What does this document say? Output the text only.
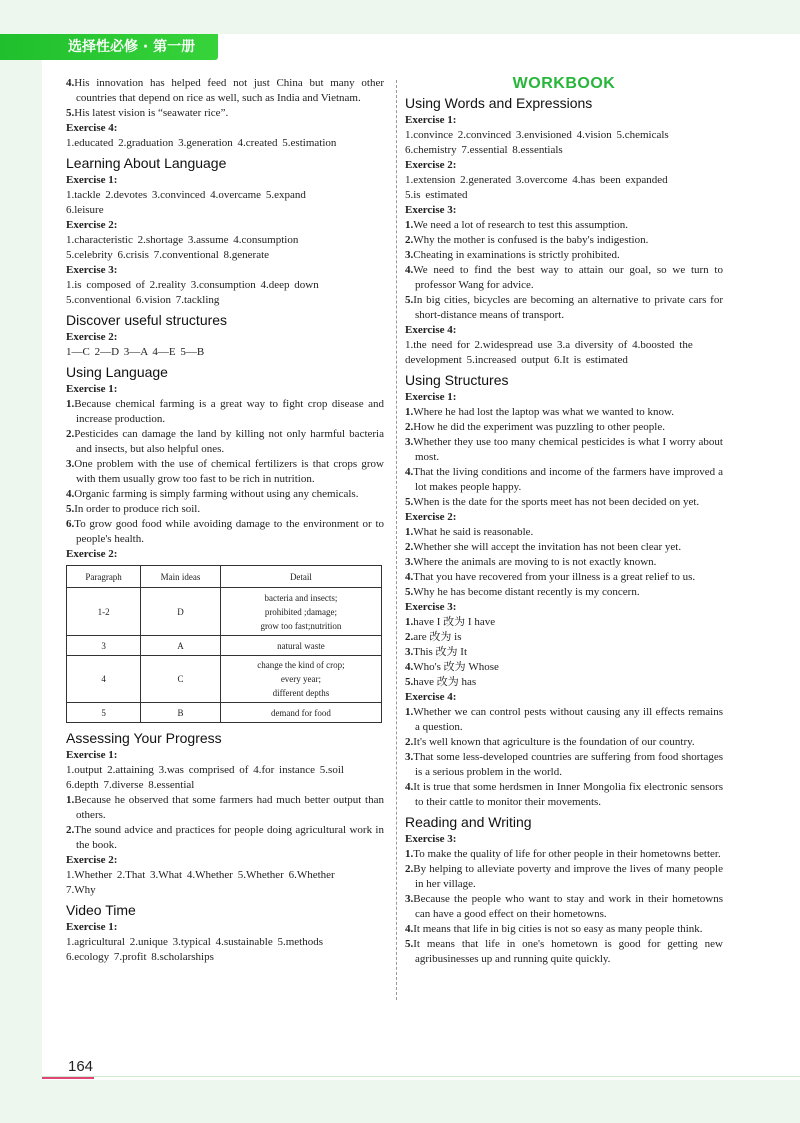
选择性必修 · 第一册
164

4.His innovation has helped feed not just China but many other countries that depend on rice as well, such as India and Vietnam.

5.His latest vision is “seawater rice”.

Exercise 4:

1.educated 2.graduation 3.generation 4.created 5.estimation

Learning About Language

Exercise 1:

1.tackle 2.devotes 3.convinced 4.overcame 5.expand

6.leisure

Exercise 2:

1.characteristic 2.shortage 3.assume 4.consumption

5.celebrity 6.crisis 7.conventional 8.generate

Exercise 3:

1.is composed of 2.reality 3.consumption 4.deep down

5.conventional 6.vision 7.tackling

Discover useful structures

Exercise 2:

1—C 2—D 3—A 4—E 5—B

Using Language

Exercise 1:

1.Because chemical farming is a great way to fight crop disease and increase production.

2.Pesticides can damage the land by killing not only harmful bacteria and insects, but also helpful ones.

3.One problem with the use of chemical fertilizers is that crops grow with them usually grow too fast to be rich in nutrition.

4.Organic farming is simply farming without using any chemicals.

5.In order to produce rich soil.

6.To grow good food while avoiding damage to the environment or to people's health.

Exercise 2:

Paragraph	Main ideas	Detail
1-2	D	bacteria and insects;
prohibited ;damage;
grow too fast;nutrition

3	A	natural waste

4	C	change the kind of crop;
every year;
different depths

5	B	demand for food
Assessing Your Progress

Exercise 1:

1.output 2.attaining 3.was comprised of 4.for instance 5.soil

6.depth 7.diverse 8.essential

1.Because he observed that some farmers had much better output than others.

2.The sound advice and practices for people doing agricultural work in the book.

Exercise 2:

1.Whether 2.That 3.What 4.Whether 5.Whether 6.Whether

7.Why

Video Time

Exercise 1:

1.agricultural 2.unique 3.typical 4.sustainable 5.methods

6.ecology 7.profit 8.scholarships

WORKBOOK

Using Words and Expressions

Exercise 1:

1.convince 2.convinced 3.envisioned 4.vision 5.chemicals

6.chemistry 7.essential 8.essentials

Exercise 2:

1.extension 2.generated 3.overcome 4.has been expanded

5.is estimated

Exercise 3:

1.We need a lot of research to test this assumption.

2.Why the mother is confused is the baby's indigestion.

3.Cheating in examinations is strictly prohibited.

4.We need to find the best way to attain our goal, so we turn to professor Wang for advice.

5.In big cities, bicycles are becoming an alternative to private cars for short-distance means of transport.

Exercise 4:

1.the need for 2.widespread use 3.a diversity of 4.boosted the

development 5.increased output 6.It is estimated

Using Structures

Exercise 1:

1.Where he had lost the laptop was what we wanted to know.

2.How he did the experiment was puzzling to other people.

3.Whether they use too many chemical pesticides is what I worry about most.

4.That the living conditions and income of the farmers have improved a lot makes people happy.

5.When is the date for the sports meet has not been decided on yet.

Exercise 2:

1.What he said is reasonable.

2.Whether she will accept the invitation has not been clear yet.

3.Where the animals are moving to is not exactly known.

4.That you have recovered from your illness is a great relief to us.

5.Why he has become distant recently is my concern.

Exercise 3:

1.have I 改为 I have

2.are 改为 is

3.This 改为 It

4.Who's 改为 Whose

5.have 改为 has

Exercise 4:

1.Whether we can control pests without causing any ill effects remains a question.

2.It's well known that agriculture is the foundation of our country.

3.That some less-developed countries are suffering from food shortages is a serious problem in the world.

4.It is true that some herdsmen in Inner Mongolia fix electronic sensors to their cattle to monitor their movements.

Reading and Writing

Exercise 3:

1.To make the quality of life for other people in their hometowns better.

2.By helping to alleviate poverty and improve the lives of many people in her village.

3.Because the people who want to stay and work in their hometowns can have a good effect on their hometowns.

4.It means that life in big cities is not so easy as many people think.

5.It means that life in one's hometown is good for getting new agribusinesses up and running quite quickly.
